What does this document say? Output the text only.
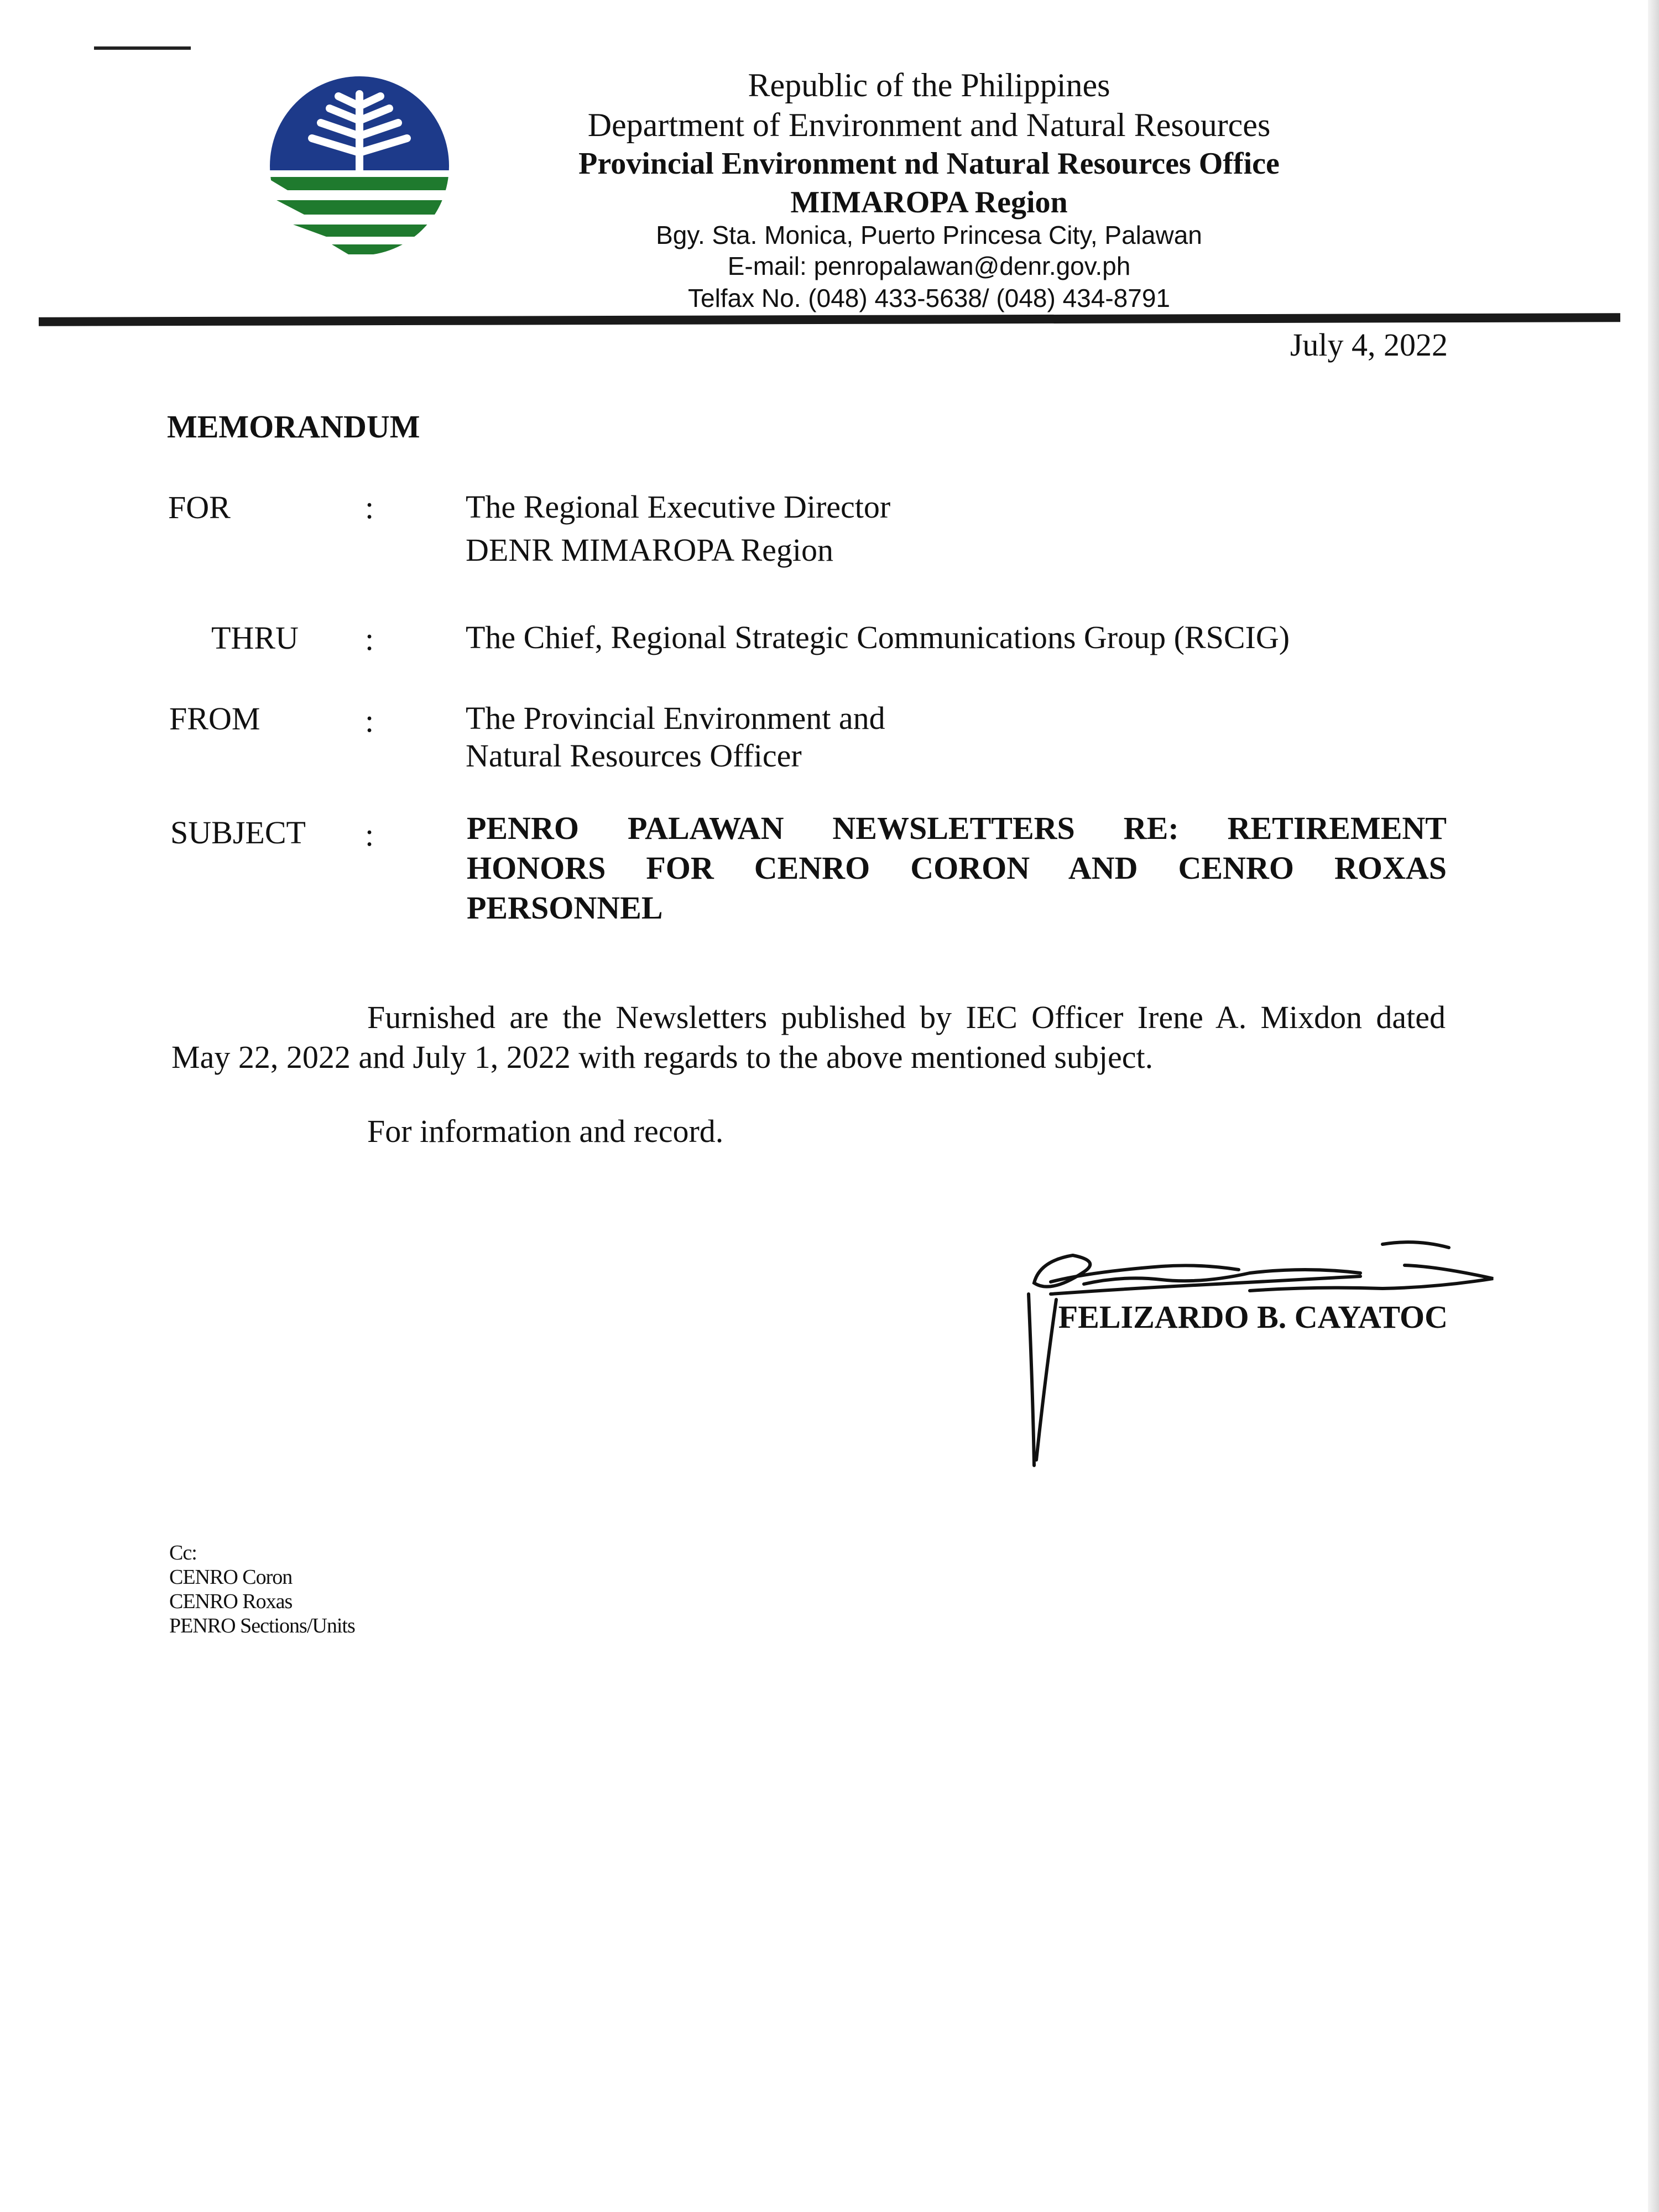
Republic of the Philippines
Department of Environment and Natural Resources
Provincial Environment nd Natural Resources Office
MIMAROPA Region
Bgy. Sta. Monica, Puerto Princesa City, Palawan
E-mail: penropalawan@denr.gov.ph
Telfax No. (048) 433-5638/ (048) 434-8791
July 4, 2022
MEMORANDUM
FOR	:	The Regional Executive Director
DENR MIMAROPA Region
THRU :	The Chief, Regional Strategic Communications Group (RSCIG)
FROM	:	The Provincial Environment and
Natural Resources Officer
SUBJECT :	PENRO PALAWAN NEWSLETTERS RE: RETIREMENT
HONORS FOR CENRO CORON AND CENRO ROXAS
PERSONNEL
Furnished are the Newsletters published by IEC Officer Irene A. Mixdon dated
May 22, 2022 and July 1, 2022 with regards to the above mentioned subject.
For information and record.
FELIZARDO B. CAYATOC
Cc:
CENRO Coron
CENRO Roxas
PENRO Sections/Units
